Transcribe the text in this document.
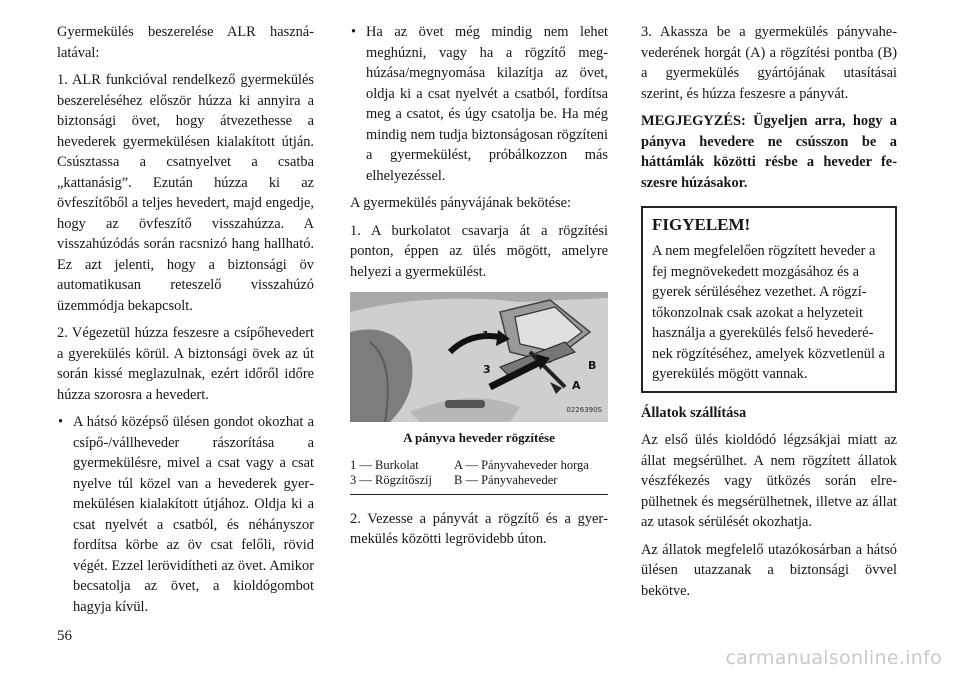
Gyermekülés beszerelése ALR használatával:

1. ALR funkcióval rendelkező gyermekülés beszereléséhez először húzza ki annyira a biztonsági övet, hogy átvezethesse a hevederek gyermekülésen kialakított útján. Csúsztassa a csatnyelvet a csatba „kattanásig”. Ezután húzza ki az övfeszítőből a teljes hevedert, majd engedje, hogy az övfeszítő visszahúzza. A visszahúzódás során racsnizó hang hallható. Ez azt jelenti, hogy a biztonsági öv automatikusan reteszelő visszahúzó üzemmódja bekapcsolt.

2. Végezetül húzza feszesre a csípőhevedert a gyerekülés körül. A biztonsági övek az út során kissé meglazulnak, ezért időről időre húzza szorosra a hevedert.

• A hátsó középső ülésen gondot okozhat a csípő-/vállheveder rászorítása a gyermekülésre, mivel a csat vagy a csat nyelve túl közel van a hevederek gyermekülésen kialakított útjához. Oldja ki a csat nyelvét a csatból, és néhányszor fordítsa körbe az öv csat felőli, rövid végét. Ezzel lerövidítheti az övet. Amikor becsatolja az övet, a kioldógombot hagyja kívül.
• Ha az övet még mindig nem lehet meghúzni, vagy ha a rögzítő meghúzása/megnyomása kilazítja az övet, oldja ki a csat nyelvét a csatból, fordítsa meg a csatot, és úgy csatolja be. Ha még mindig nem tudja biztonságosan rögzíteni a gyermekülést, próbálkozzon más elhelyezéssel.

A gyermekülés pányvájának bekötése:

1. A burkolatot csavarja át a rögzítési ponton, éppen az ülés mögött, amelyre helyezi a gyermekülést.

1
3
A
B
0226390S
A pányva heveder rögzítése
1 — Burkolat	A — Pányvaheveder horga
3 — Rögzítőszíj	B — Pányvaheveder

2. Vezesse a pányvát a rögzítő és a gyermekülés közötti legrövidebb úton.

3. Akassza be a gyermekülés pányvahevederének horgát (A) a rögzítési pontba (B) a gyermekülés gyártójának utasításai szerint, és húzza feszesre a pányvát.

MEGJEGYZÉS: Ügyeljen arra, hogy a pányva hevedere ne csússzon be a háttámlák közötti résbe a heveder feszesre húzásakor.

FIGYELEM!

A nem megfelelően rögzített heveder a fej megnövekedett mozgásához és a gyerek sérüléséhez vezethet. A rögzítőkonzolnak csak azokat a helyzeteit használja a gyerekülés felső hevederének rögzítéséhez, amelyek közvetlenül a gyerekülés mögött vannak.

Állatok szállítása

Az első ülés kioldódó légzsákjai miatt az állat megsérülhet. A nem rögzített állatok vészfékezés vagy ütközés során elrepülhetnek és megsérülhetnek, illetve az állat az utasok sérülését okozhatja.

Az állatok megfelelő utazókosárban a hátsó ülésen utazzanak a biztonsági övvel bekötve.

56
carmanualsonline.info
